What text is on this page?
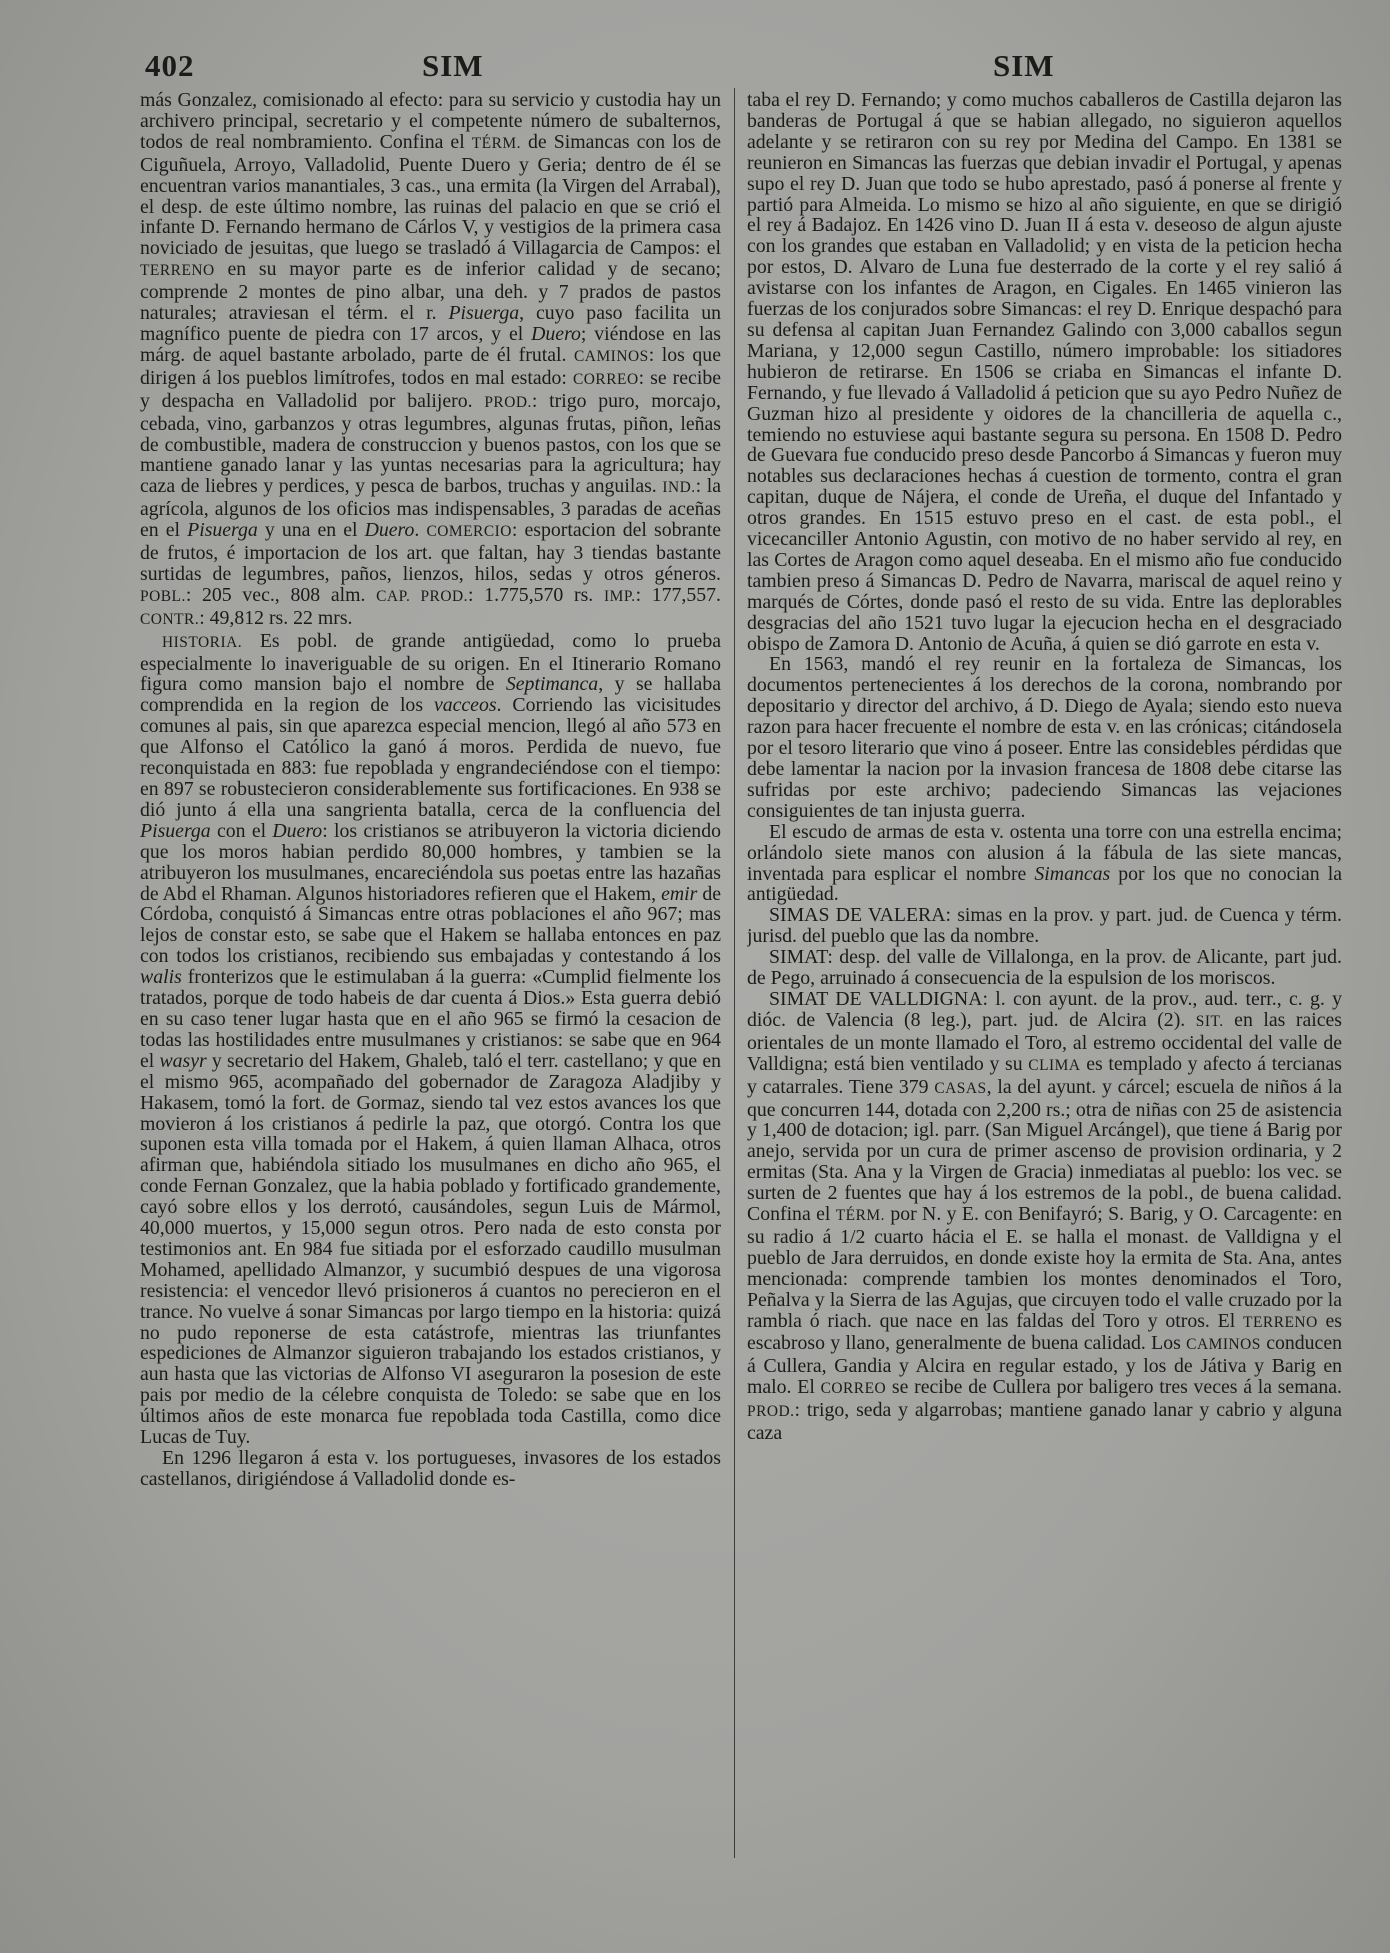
402	SIM	SIM

más Gonzalez, comisionado al efecto: para su servicio y custodia hay un archivero principal, secretario y el competente número de subalternos, todos de real nombramiento. Confina el TÉRM. de Simancas con los de Ciguñuela, Arroyo, Valladolid, Puente Duero y Geria; dentro de él se encuentran varios manantiales, 3 cas., una ermita (la Virgen del Arrabal), el desp. de este último nombre, las ruinas del palacio en que se crió el infante D. Fernando hermano de Cárlos V, y vestigios de la primera casa noviciado de jesuitas, que luego se trasladó á Villagarcia de Campos: el TERRENO en su mayor parte es de inferior calidad y de secano; comprende 2 montes de pino albar, una deh. y 7 prados de pastos naturales; atraviesan el térm. el r. Pisuerga, cuyo paso facilita un magnífico puente de piedra con 17 arcos, y el Duero; viéndose en las márg. de aquel bastante arbolado, parte de él frutal. CAMINOS: los que dirigen á los pueblos limítrofes, todos en mal estado: CORREO: se recibe y despacha en Valladolid por balijero. PROD.: trigo puro, morcajo, cebada, vino, garbanzos y otras legumbres, algunas frutas, piñon, leñas de combustible, madera de construccion y buenos pastos, con los que se mantiene ganado lanar y las yuntas necesarias para la agricultura; hay caza de liebres y perdices, y pesca de barbos, truchas y anguilas. IND.: la agrícola, algunos de los oficios mas indispensables, 3 paradas de aceñas en el Pisuerga y una en el Duero. COMERCIO: esportacion del sobrante de frutos, é importacion de los art. que faltan, hay 3 tiendas bastante surtidas de legumbres, paños, lienzos, hilos, sedas y otros géneros. POBL.: 205 vec., 808 alm. CAP. PROD.: 1.775,570 rs. IMP.: 177,557. CONTR.: 49,812 rs. 22 mrs.

HISTORIA. Es pobl. de grande antigüedad, como lo prueba especialmente lo inaveriguable de su origen. En el Itinerario Romano figura como mansion bajo el nombre de Septimanca, y se hallaba comprendida en la region de los vacceos. Corriendo las vicisitudes comunes al pais, sin que aparezca especial mencion, llegó al año 573 en que Alfonso el Católico la ganó á moros. Perdida de nuevo, fue reconquistada en 883: fue repoblada y engrandeciéndose con el tiempo: en 897 se robustecieron considerablemente sus fortificaciones. En 938 se dió junto á ella una sangrienta batalla, cerca de la confluencia del Pisuerga con el Duero: los cristianos se atribuyeron la victoria diciendo que los moros habian perdido 80,000 hombres, y tambien se la atribuyeron los musulmanes, encareciéndola sus poetas entre las hazañas de Abd el Rhaman. Algunos historiadores refieren que el Hakem, emir de Córdoba, conquistó á Simancas entre otras poblaciones el año 967; mas lejos de constar esto, se sabe que el Hakem se hallaba entonces en paz con todos los cristianos, recibiendo sus embajadas y contestando á los walis fronterizos que le estimulaban á la guerra: «Cumplid fielmente los tratados, porque de todo habeis de dar cuenta á Dios.» Esta guerra debió en su caso tener lugar hasta que en el año 965 se firmó la cesacion de todas las hostilidades entre musulmanes y cristianos: se sabe que en 964 el wasyr y secretario del Hakem, Ghaleb, taló el terr. castellano; y que en el mismo 965, acompañado del gobernador de Zaragoza Aladjiby y Hakasem, tomó la fort. de Gormaz, siendo tal vez estos avances los que movieron á los cristianos á pedirle la paz, que otorgó. Contra los que suponen esta villa tomada por el Hakem, á quien llaman Alhaca, otros afirman que, habiéndola sitiado los musulmanes en dicho año 965, el conde Fernan Gonzalez, que la habia poblado y fortificado grandemente, cayó sobre ellos y los derrotó, causándoles, segun Luis de Mármol, 40,000 muertos, y 15,000 segun otros. Pero nada de esto consta por testimonios ant. En 984 fue sitiada por el esforzado caudillo musulman Mohamed, apellidado Almanzor, y sucumbió despues de una vigorosa resistencia: el vencedor llevó prisioneros á cuantos no perecieron en el trance. No vuelve á sonar Simancas por largo tiempo en la historia: quizá no pudo reponerse de esta catástrofe, mientras las triunfantes espediciones de Almanzor siguieron trabajando los estados cristianos, y aun hasta que las victorias de Alfonso VI aseguraron la posesion de este pais por medio de la célebre conquista de Toledo: se sabe que en los últimos años de este monarca fue repoblada toda Castilla, como dice Lucas de Tuy.

En 1296 llegaron á esta v. los portugueses, invasores de los estados castellanos, dirigiéndose á Valladolid donde es-

taba el rey D. Fernando; y como muchos caballeros de Castilla dejaron las banderas de Portugal á que se habian allegado, no siguieron aquellos adelante y se retiraron con su rey por Medina del Campo. En 1381 se reunieron en Simancas las fuerzas que debian invadir el Portugal, y apenas supo el rey D. Juan que todo se hubo aprestado, pasó á ponerse al frente y partió para Almeida. Lo mismo se hizo al año siguiente, en que se dirigió el rey á Badajoz. En 1426 vino D. Juan II á esta v. deseoso de algun ajuste con los grandes que estaban en Valladolid; y en vista de la peticion hecha por estos, D. Alvaro de Luna fue desterrado de la corte y el rey salió á avistarse con los infantes de Aragon, en Cigales. En 1465 vinieron las fuerzas de los conjurados sobre Simancas: el rey D. Enrique despachó para su defensa al capitan Juan Fernandez Galindo con 3,000 caballos segun Mariana, y 12,000 segun Castillo, número improbable: los sitiadores hubieron de retirarse. En 1506 se criaba en Simancas el infante D. Fernando, y fue llevado á Valladolid á peticion que su ayo Pedro Nuñez de Guzman hizo al presidente y oidores de la chancilleria de aquella c., temiendo no estuviese aqui bastante segura su persona. En 1508 D. Pedro de Guevara fue conducido preso desde Pancorbo á Simancas y fueron muy notables sus declaraciones hechas á cuestion de tormento, contra el gran capitan, duque de Nájera, el conde de Ureña, el duque del Infantado y otros grandes. En 1515 estuvo preso en el cast. de esta pobl., el vicecanciller Antonio Agustin, con motivo de no haber servido al rey, en las Cortes de Aragon como aquel deseaba. En el mismo año fue conducido tambien preso á Simancas D. Pedro de Navarra, mariscal de aquel reino y marqués de Córtes, donde pasó el resto de su vida. Entre las deplorables desgracias del año 1521 tuvo lugar la ejecucion hecha en el desgraciado obispo de Zamora D. Antonio de Acuña, á quien se dió garrote en esta v.

En 1563, mandó el rey reunir en la fortaleza de Simancas, los documentos pertenecientes á los derechos de la corona, nombrando por depositario y director del archivo, á D. Diego de Ayala; siendo esto nueva razon para hacer frecuente el nombre de esta v. en las crónicas; citándosela por el tesoro literario que vino á poseer. Entre las considebles pérdidas que debe lamentar la nacion por la invasion francesa de 1808 debe citarse las sufridas por este archivo; padeciendo Simancas las vejaciones consiguientes de tan injusta guerra.

El escudo de armas de esta v. ostenta una torre con una estrella encima; orlándolo siete manos con alusion á la fábula de las siete mancas, inventada para esplicar el nombre Simancas por los que no conocian la antigüedad.

SIMAS DE VALERA: simas en la prov. y part. jud. de Cuenca y térm. jurisd. del pueblo que las da nombre.

SIMAT: desp. del valle de Villalonga, en la prov. de Alicante, part jud. de Pego, arruinado á consecuencia de la espulsion de los moriscos.

SIMAT DE VALLDIGNA: l. con ayunt. de la prov., aud. terr., c. g. y dióc. de Valencia (8 leg.), part. jud. de Alcira (2). SIT. en las raices orientales de un monte llamado el Toro, al estremo occidental del valle de Valldigna; está bien ventilado y su CLIMA es templado y afecto á tercianas y catarrales. Tiene 379 CASAS, la del ayunt. y cárcel; escuela de niños á la que concurren 144, dotada con 2,200 rs.; otra de niñas con 25 de asistencia y 1,400 de dotacion; igl. parr. (San Miguel Arcángel), que tiene á Barig por anejo, servida por un cura de primer ascenso de provision ordinaria, y 2 ermitas (Sta. Ana y la Virgen de Gracia) inmediatas al pueblo: los vec. se surten de 2 fuentes que hay á los estremos de la pobl., de buena calidad. Confina el TÉRM. por N. y E. con Benifayró; S. Barig, y O. Carcagente: en su radio á 1/2 cuarto hácia el E. se halla el monast. de Valldigna y el pueblo de Jara derruidos, en donde existe hoy la ermita de Sta. Ana, antes mencionada: comprende tambien los montes denominados el Toro, Peñalva y la Sierra de las Agujas, que circuyen todo el valle cruzado por la rambla ó riach. que nace en las faldas del Toro y otros. El TERRENO es escabroso y llano, generalmente de buena calidad. Los CAMINOS conducen á Cullera, Gandia y Alcira en regular estado, y los de Játiva y Barig en malo. El CORREO se recibe de Cullera por baligero tres veces á la semana. PROD.: trigo, seda y algarrobas; mantiene ganado lanar y cabrio y alguna caza
